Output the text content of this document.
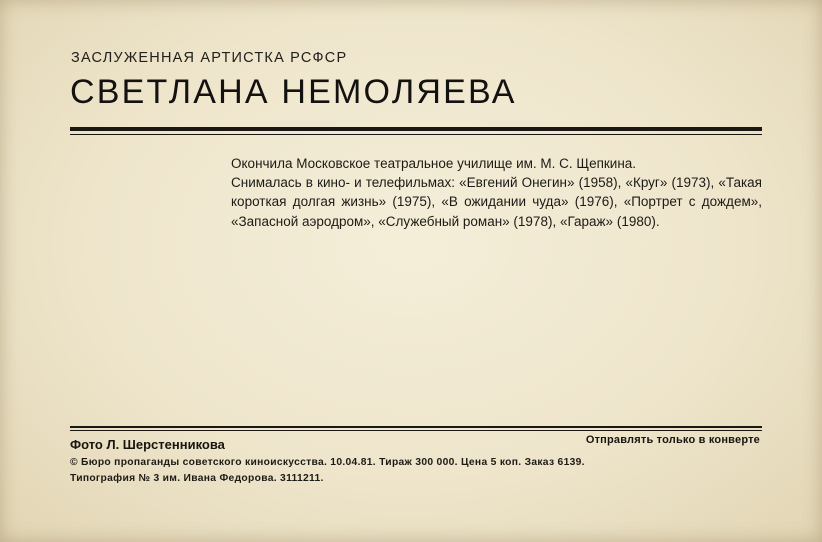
ЗАСЛУЖЕННАЯ АРТИСТКА РСФСР
СВЕТЛАНА НЕМОЛЯЕВА

Окончила Московское театральное училище им. М. С. Щепкина.

Снималась в кино- и телефильмах: «Евгений Онегин» (1958), «Круг» (1973), «Такая короткая долгая жизнь» (1975), «В ожидании чуда» (1976), «Портрет с дождем», «Запасной аэродром», «Служебный роман» (1978), «Гараж» (1980).

Фото Л. Шерстенникова	Отправлять только в конверте
© Бюро пропаганды советского киноискусства. 10.04.81. Тираж 300 000. Цена 5 коп. Заказ 6139.
Типография № 3 им. Ивана Федорова. 3111211.
